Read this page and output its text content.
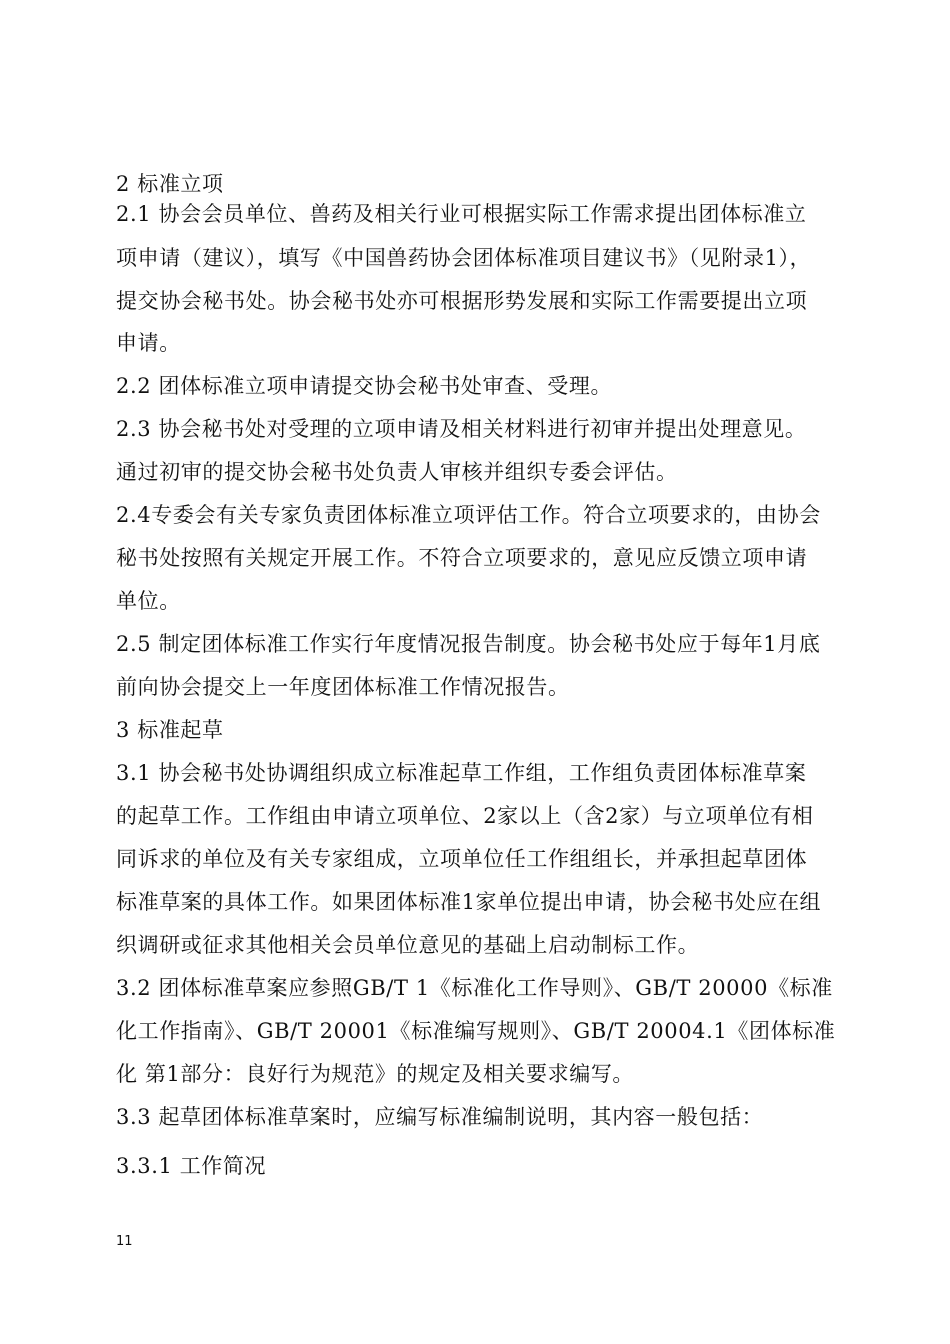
2 标准立项
2.1 协会会员单位、兽药及相关行业可根据实际工作需求提出团体标准立
项申请（建议），填写《中国兽药协会团体标准项目建议书》（见附录1），
提交协会秘书处。协会秘书处亦可根据形势发展和实际工作需要提出立项
申请。
2.2 团体标准立项申请提交协会秘书处审查、受理。
2.3 协会秘书处对受理的立项申请及相关材料进行初审并提出处理意见。
通过初审的提交协会秘书处负责人审核并组织专委会评估。
2.4专委会有关专家负责团体标准立项评估工作。符合立项要求的，由协会
秘书处按照有关规定开展工作。不符合立项要求的，意见应反馈立项申请
单位。
2.5 制定团体标准工作实行年度情况报告制度。协会秘书处应于每年1月底
前向协会提交上一年度团体标准工作情况报告。
3 标准起草
3.1 协会秘书处协调组织成立标准起草工作组，工作组负责团体标准草案
的起草工作。工作组由申请立项单位、2家以上（含2家）与立项单位有相
同诉求的单位及有关专家组成，立项单位任工作组组长，并承担起草团体
标准草案的具体工作。如果团体标准1家单位提出申请，协会秘书处应在组
织调研或征求其他相关会员单位意见的基础上启动制标工作。
3.2 团体标准草案应参照GB/T 1《标准化工作导则》、GB/T 20000《标准
化工作指南》、GB/T 20001《标准编写规则》、GB/T 20004.1《团体标准
化 第1部分：良好行为规范》的规定及相关要求编写。
3.3 起草团体标准草案时，应编写标准编制说明，其内容一般包括：
3.3.1 工作简况
11
